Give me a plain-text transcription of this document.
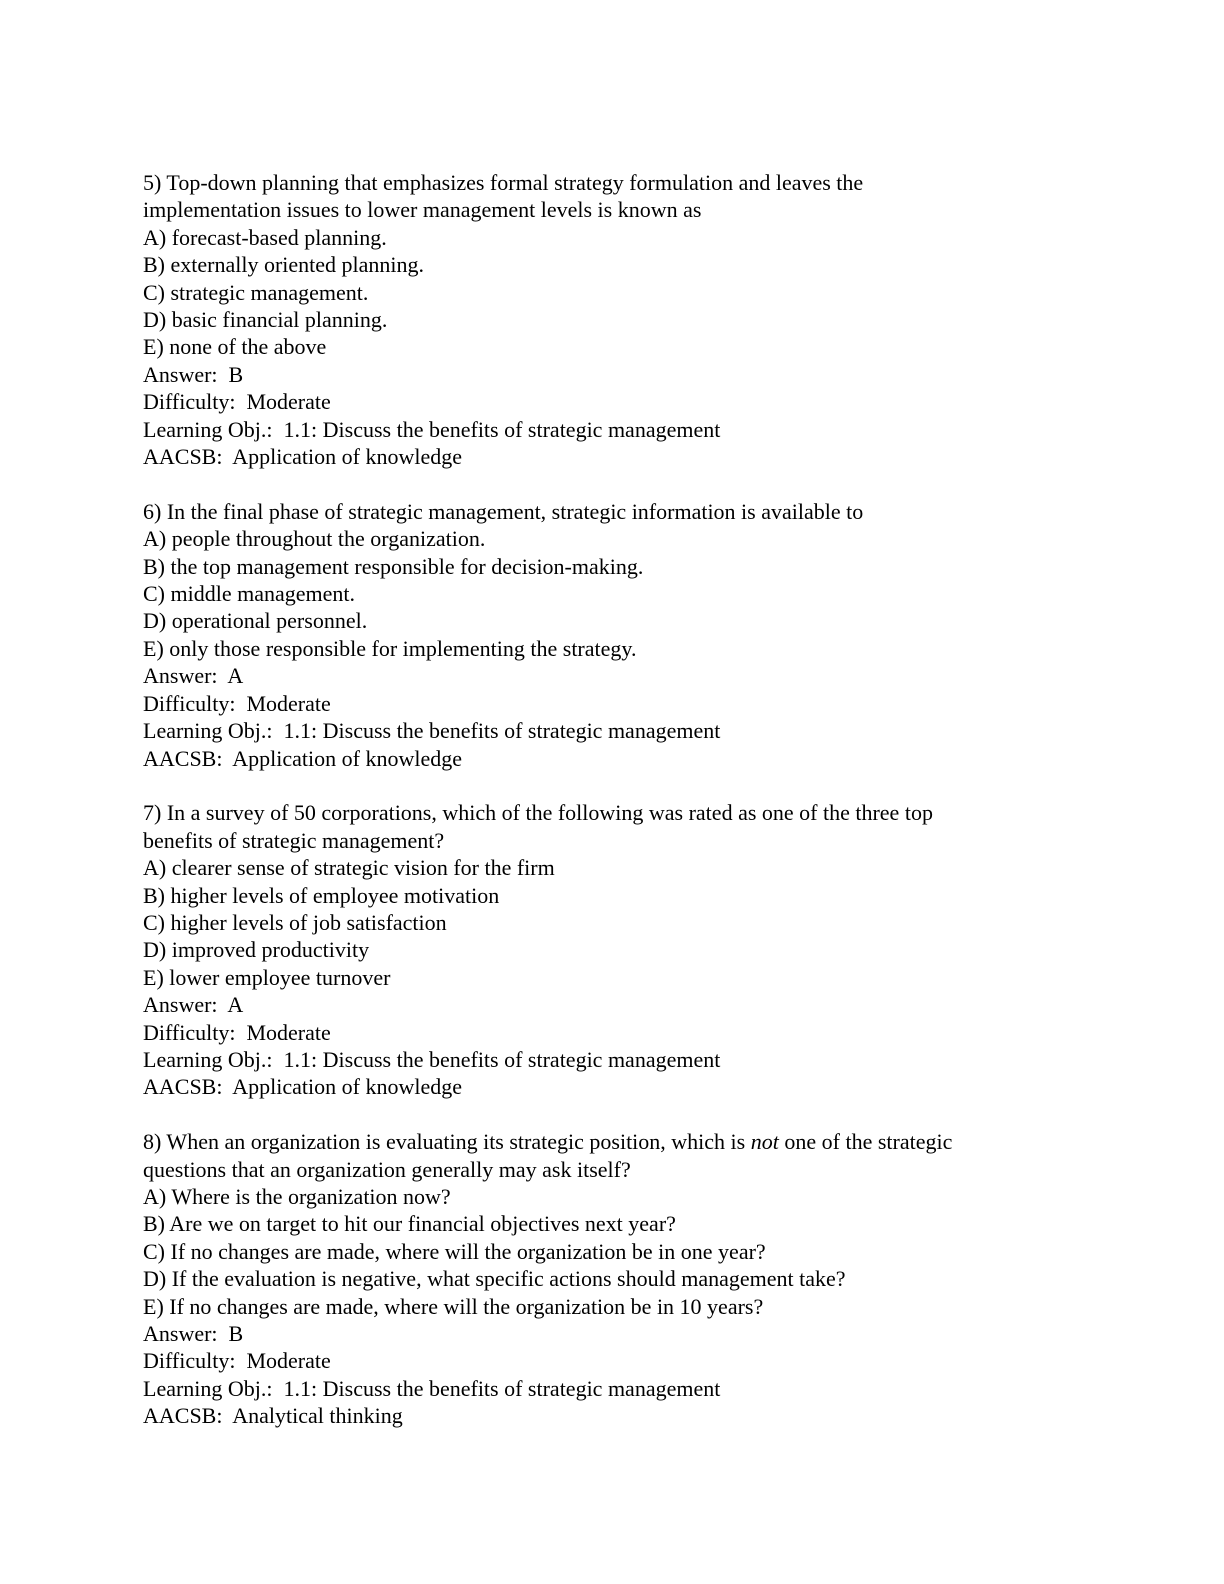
5) Top-down planning that emphasizes formal strategy formulation and leaves the
implementation issues to lower management levels is known as
A) forecast-based planning.
B) externally oriented planning.
C) strategic management.
D) basic financial planning.
E) none of the above
Answer:  B
Difficulty:  Moderate
Learning Obj.:  1.1: Discuss the benefits of strategic management
AACSB:  Application of knowledge
6) In the final phase of strategic management, strategic information is available to
A) people throughout the organization.
B) the top management responsible for decision-making.
C) middle management.
D) operational personnel.
E) only those responsible for implementing the strategy.
Answer:  A
Difficulty:  Moderate
Learning Obj.:  1.1: Discuss the benefits of strategic management
AACSB:  Application of knowledge
7) In a survey of 50 corporations, which of the following was rated as one of the three top
benefits of strategic management?
A) clearer sense of strategic vision for the firm
B) higher levels of employee motivation
C) higher levels of job satisfaction
D) improved productivity
E) lower employee turnover
Answer:  A
Difficulty:  Moderate
Learning Obj.:  1.1: Discuss the benefits of strategic management
AACSB:  Application of knowledge
8) When an organization is evaluating its strategic position, which is not one of the strategic
questions that an organization generally may ask itself?
A) Where is the organization now?
B) Are we on target to hit our financial objectives next year?
C) If no changes are made, where will the organization be in one year?
D) If the evaluation is negative, what specific actions should management take?
E) If no changes are made, where will the organization be in 10 years?
Answer:  B
Difficulty:  Moderate
Learning Obj.:  1.1: Discuss the benefits of strategic management
AACSB:  Analytical thinking
